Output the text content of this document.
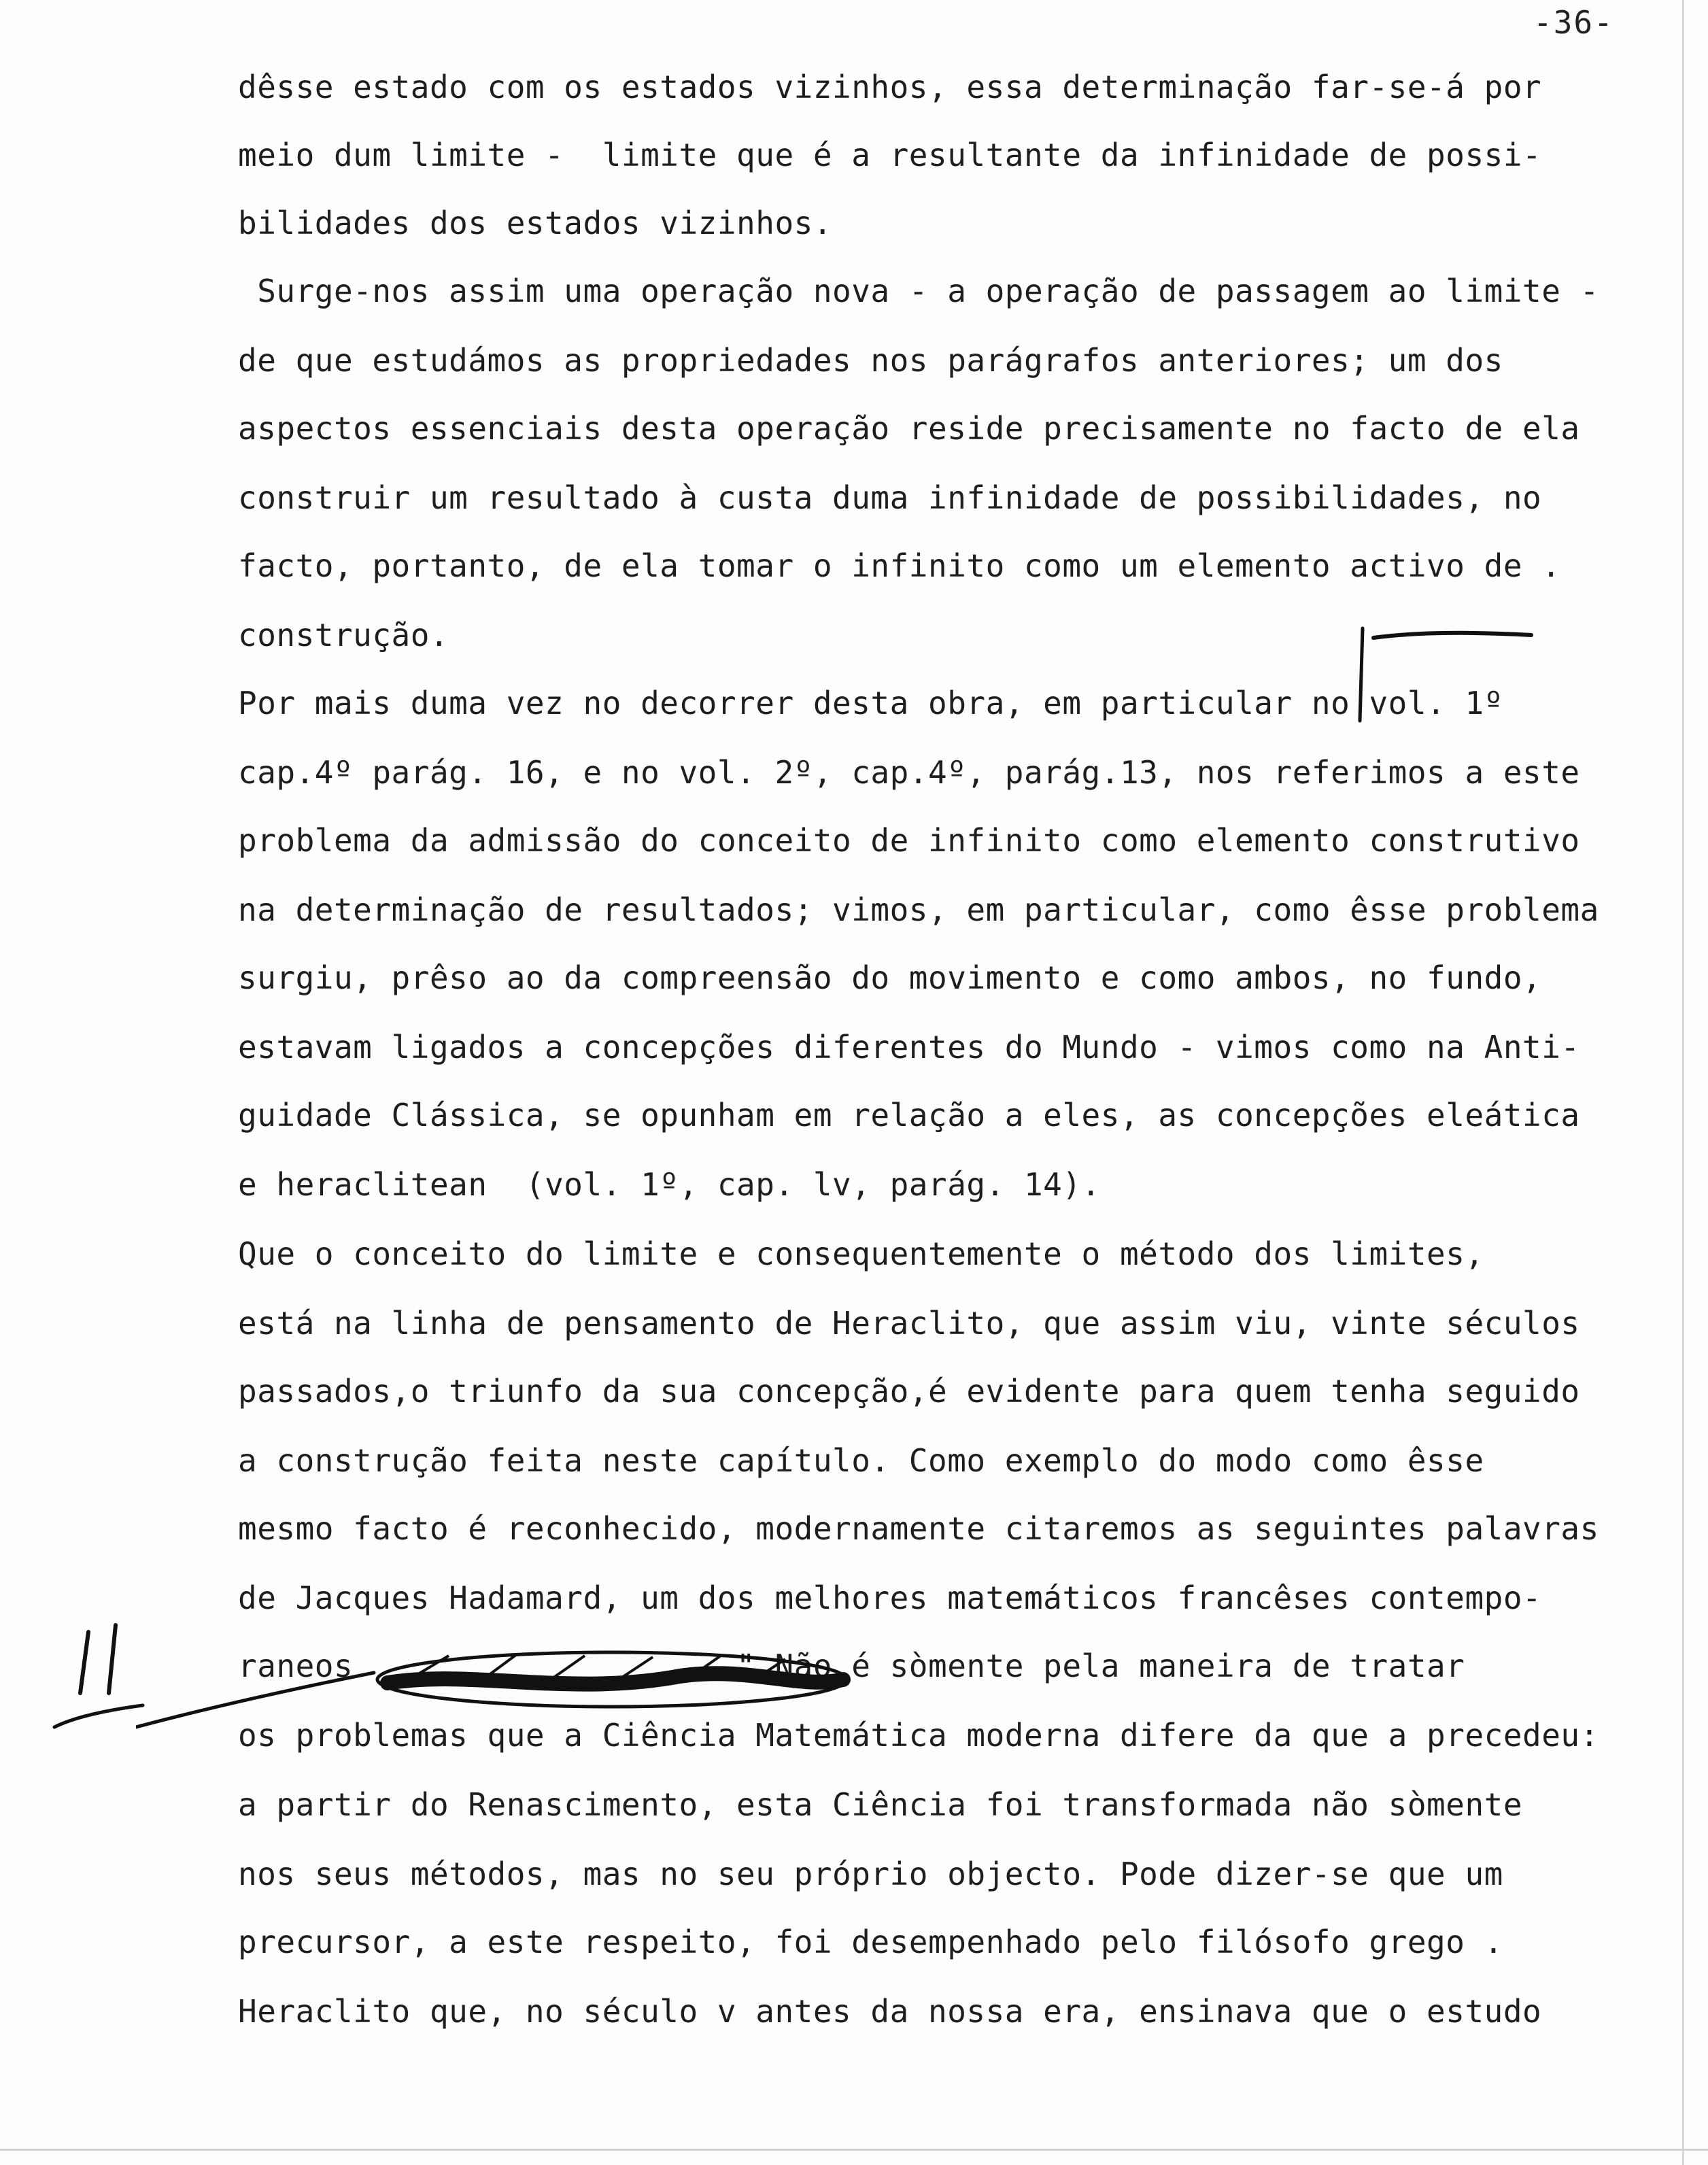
-36-
dêsse estado com os estados vizinhos, essa determinação far-se-á por
meio dum limite -  limite que é a resultante da infinidade de possi-
bilidades dos estados vizinhos.
Surge-nos assim uma operação nova - a operação de passagem ao limite -
de que estudámos as propriedades nos parágrafos anteriores; um dos
aspectos essenciais desta operação reside precisamente no facto de ela
construir um resultado à custa duma infinidade de possibilidades, no
facto, portanto, de ela tomar o infinito como um elemento activo de .
construção.
Por mais duma vez no decorrer desta obra, em particular no vol. 1º
cap.4º parág. 16, e no vol. 2º, cap.4º, parág.13, nos referimos a este
problema da admissão do conceito de infinito como elemento construtivo
na determinação de resultados; vimos, em particular, como êsse problema
surgiu, prêso ao da compreensão do movimento e como ambos, no fundo,
estavam ligados a concepções diferentes do Mundo - vimos como na Anti-
guidade Clássica, se opunham em relação a eles, as concepções eleática
e heraclitean  (vol. 1º, cap. lv, parág. 14).
Que o conceito do limite e consequentemente o método dos limites,
está na linha de pensamento de Heraclito, que assim viu, vinte séculos
passados,o triunfo da sua concepção,é evidente para quem tenha seguido
a construção feita neste capítulo. Como exemplo do modo como êsse
mesmo facto é reconhecido, modernamente citaremos as seguintes palavras
de Jacques Hadamard, um dos melhores matemáticos francêses contempo-
raneos                    " Não é sòmente pela maneira de tratar
os problemas que a Ciência Matemática moderna difere da que a precedeu:
a partir do Renascimento, esta Ciência foi transformada não sòmente
nos seus métodos, mas no seu próprio objecto. Pode dizer-se que um
precursor, a este respeito, foi desempenhado pelo filósofo grego .
Heraclito que, no século v antes da nossa era, ensinava que o estudo
